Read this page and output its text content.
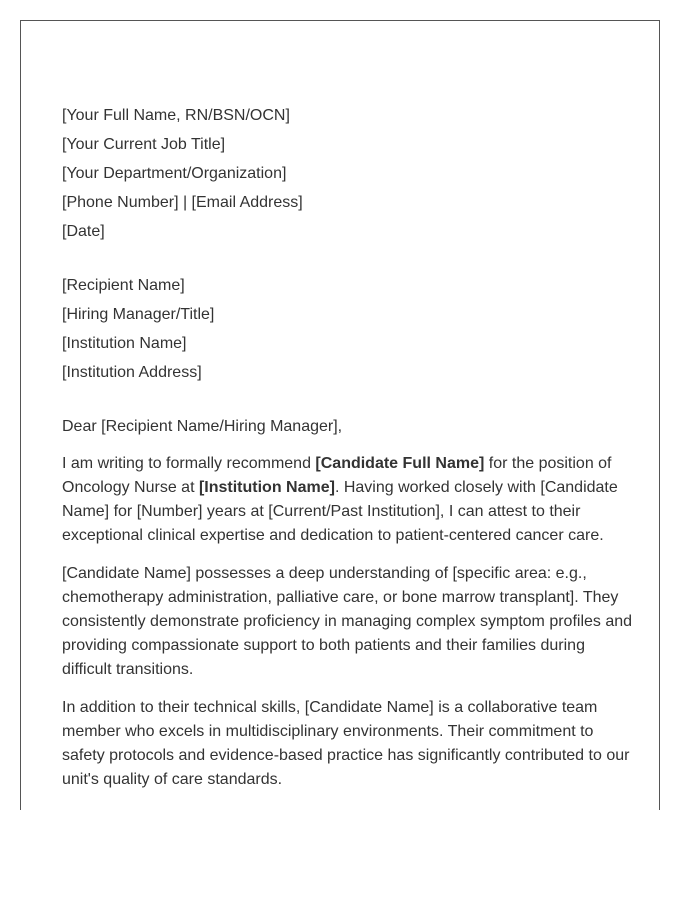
[Your Full Name, RN/BSN/OCN]
[Your Current Job Title]
[Your Department/Organization]
[Phone Number] | [Email Address]
[Date]
[Recipient Name]
[Hiring Manager/Title]
[Institution Name]
[Institution Address]
Dear [Recipient Name/Hiring Manager],
I am writing to formally recommend [Candidate Full Name] for the position of Oncology Nurse at [Institution Name]. Having worked closely with [Candidate Name] for [Number] years at [Current/Past Institution], I can attest to their exceptional clinical expertise and dedication to patient-centered cancer care.
[Candidate Name] possesses a deep understanding of [specific area: e.g., chemotherapy administration, palliative care, or bone marrow transplant]. They consistently demonstrate proficiency in managing complex symptom profiles and providing compassionate support to both patients and their families during difficult transitions.
In addition to their technical skills, [Candidate Name] is a collaborative team member who excels in multidisciplinary environments. Their commitment to safety protocols and evidence-based practice has significantly contributed to our unit's quality of care standards.
